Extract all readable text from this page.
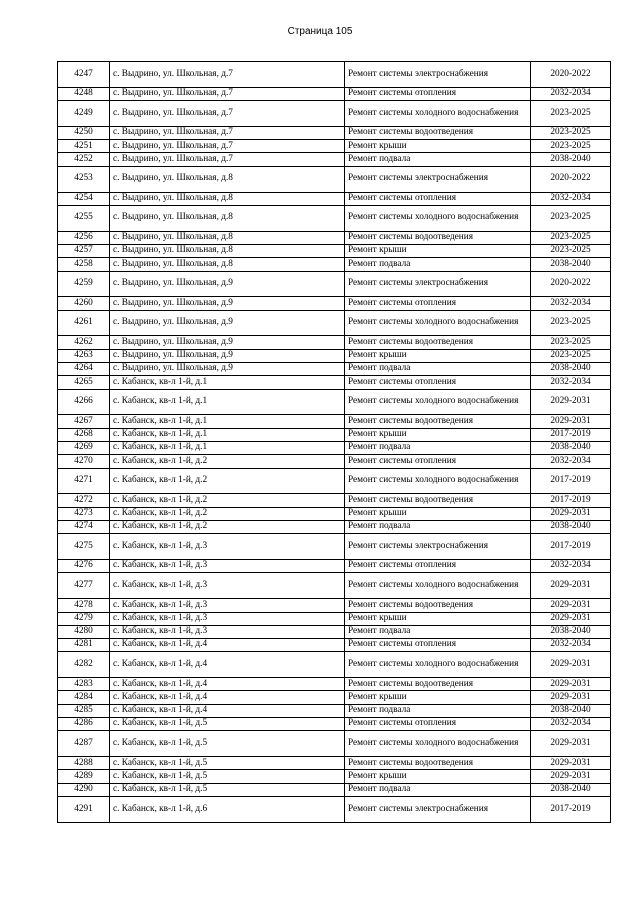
Страница 105
4247	с. Выдрино, ул. Школьная, д.7	Ремонт системы электроснабжения	2020-2022
4248	с. Выдрино, ул. Школьная, д.7	Ремонт системы отопления	2032-2034
4249	с. Выдрино, ул. Школьная, д.7	Ремонт системы холодного водоснабжения	2023-2025
4250	с. Выдрино, ул. Школьная, д.7	Ремонт системы водоотведения	2023-2025
4251	с. Выдрино, ул. Школьная, д.7	Ремонт крыши	2023-2025
4252	с. Выдрино, ул. Школьная, д.7	Ремонт подвала	2038-2040
4253	с. Выдрино, ул. Школьная, д.8	Ремонт системы электроснабжения	2020-2022
4254	с. Выдрино, ул. Школьная, д.8	Ремонт системы отопления	2032-2034
4255	с. Выдрино, ул. Школьная, д.8	Ремонт системы холодного водоснабжения	2023-2025
4256	с. Выдрино, ул. Школьная, д.8	Ремонт системы водоотведения	2023-2025
4257	с. Выдрино, ул. Школьная, д.8	Ремонт крыши	2023-2025
4258	с. Выдрино, ул. Школьная, д.8	Ремонт подвала	2038-2040
4259	с. Выдрино, ул. Школьная, д.9	Ремонт системы электроснабжения	2020-2022
4260	с. Выдрино, ул. Школьная, д.9	Ремонт системы отопления	2032-2034
4261	с. Выдрино, ул. Школьная, д.9	Ремонт системы холодного водоснабжения	2023-2025
4262	с. Выдрино, ул. Школьная, д.9	Ремонт системы водоотведения	2023-2025
4263	с. Выдрино, ул. Школьная, д.9	Ремонт крыши	2023-2025
4264	с. Выдрино, ул. Школьная, д.9	Ремонт подвала	2038-2040
4265	с. Кабанск, кв-л 1-й, д.1	Ремонт системы отопления	2032-2034
4266	с. Кабанск, кв-л 1-й, д.1	Ремонт системы холодного водоснабжения	2029-2031
4267	с. Кабанск, кв-л 1-й, д.1	Ремонт системы водоотведения	2029-2031
4268	с. Кабанск, кв-л 1-й, д.1	Ремонт крыши	2017-2019
4269	с. Кабанск, кв-л 1-й, д.1	Ремонт подвала	2038-2040
4270	с. Кабанск, кв-л 1-й, д.2	Ремонт системы отопления	2032-2034
4271	с. Кабанск, кв-л 1-й, д.2	Ремонт системы холодного водоснабжения	2017-2019
4272	с. Кабанск, кв-л 1-й, д.2	Ремонт системы водоотведения	2017-2019
4273	с. Кабанск, кв-л 1-й, д.2	Ремонт крыши	2029-2031
4274	с. Кабанск, кв-л 1-й, д.2	Ремонт подвала	2038-2040
4275	с. Кабанск, кв-л 1-й, д.3	Ремонт системы электроснабжения	2017-2019
4276	с. Кабанск, кв-л 1-й, д.3	Ремонт системы отопления	2032-2034
4277	с. Кабанск, кв-л 1-й, д.3	Ремонт системы холодного водоснабжения	2029-2031
4278	с. Кабанск, кв-л 1-й, д.3	Ремонт системы водоотведения	2029-2031
4279	с. Кабанск, кв-л 1-й, д.3	Ремонт крыши	2029-2031
4280	с. Кабанск, кв-л 1-й, д.3	Ремонт подвала	2038-2040
4281	с. Кабанск, кв-л 1-й, д.4	Ремонт системы отопления	2032-2034
4282	с. Кабанск, кв-л 1-й, д.4	Ремонт системы холодного водоснабжения	2029-2031
4283	с. Кабанск, кв-л 1-й, д.4	Ремонт системы водоотведения	2029-2031
4284	с. Кабанск, кв-л 1-й, д.4	Ремонт крыши	2029-2031
4285	с. Кабанск, кв-л 1-й, д.4	Ремонт подвала	2038-2040
4286	с. Кабанск, кв-л 1-й, д.5	Ремонт системы отопления	2032-2034
4287	с. Кабанск, кв-л 1-й, д.5	Ремонт системы холодного водоснабжения	2029-2031
4288	с. Кабанск, кв-л 1-й, д.5	Ремонт системы водоотведения	2029-2031
4289	с. Кабанск, кв-л 1-й, д.5	Ремонт крыши	2029-2031
4290	с. Кабанск, кв-л 1-й, д.5	Ремонт подвала	2038-2040
4291	с. Кабанск, кв-л 1-й, д.6	Ремонт системы электроснабжения	2017-2019
